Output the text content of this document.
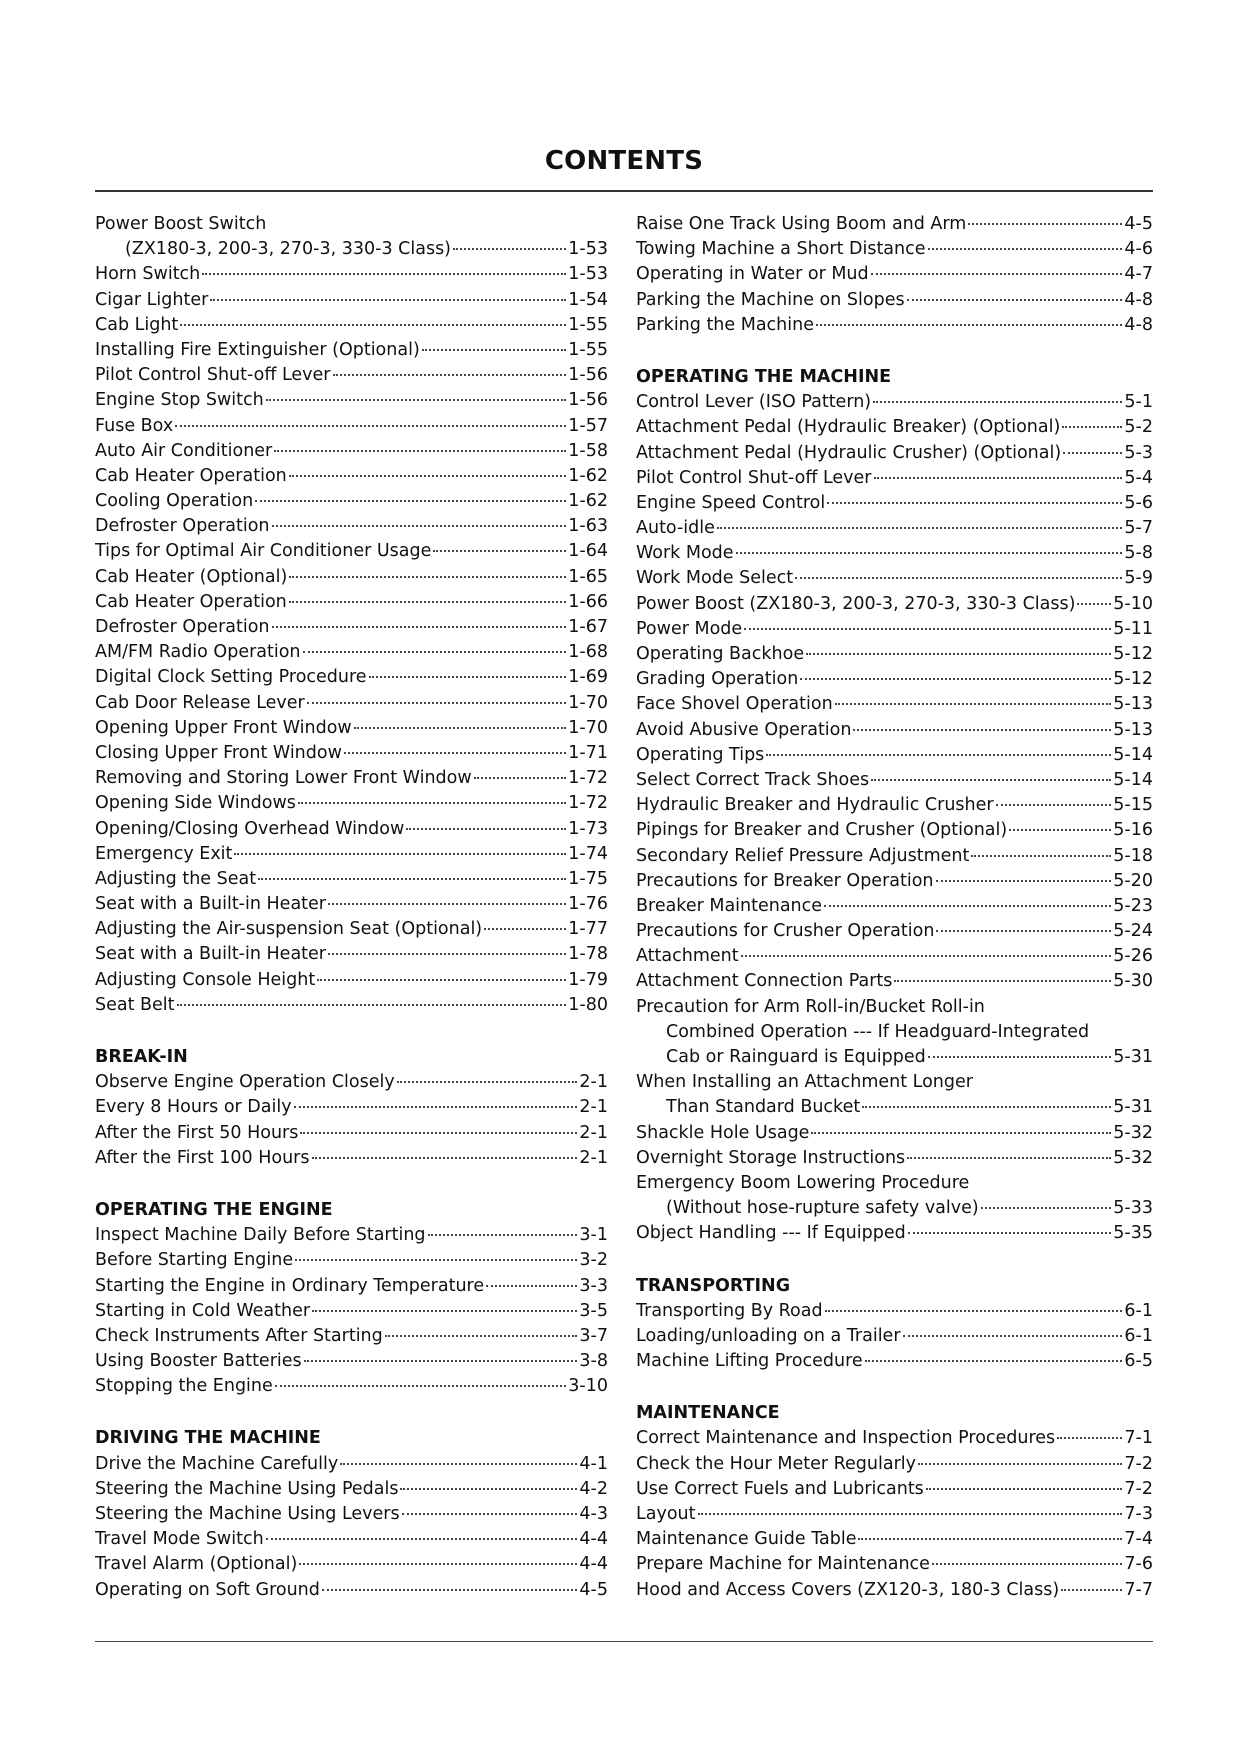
CONTENTS
Power Boost Switch
(ZX180-3, 200-3, 270-3, 330-3 Class)	1-53
Horn Switch	1-53
Cigar Lighter	1-54
Cab Light	1-55
Installing Fire Extinguisher (Optional)	1-55
Pilot Control Shut-off Lever	1-56
Engine Stop Switch	1-56
Fuse Box	1-57
Auto Air Conditioner	1-58
Cab Heater Operation	1-62
Cooling Operation	1-62
Defroster Operation	1-63
Tips for Optimal Air Conditioner Usage	1-64
Cab Heater (Optional)	1-65
Cab Heater Operation	1-66
Defroster Operation	1-67
AM/FM Radio Operation	1-68
Digital Clock Setting Procedure	1-69
Cab Door Release Lever	1-70
Opening Upper Front Window	1-70
Closing Upper Front Window	1-71
Removing and Storing Lower Front Window	1-72
Opening Side Windows	1-72
Opening/Closing Overhead Window	1-73
Emergency Exit	1-74
Adjusting the Seat	1-75
Seat with a Built-in Heater	1-76
Adjusting the Air-suspension Seat (Optional)	1-77
Seat with a Built-in Heater	1-78
Adjusting Console Height	1-79
Seat Belt	1-80
BREAK-IN
Observe Engine Operation Closely	2-1
Every 8 Hours or Daily	2-1
After the First 50 Hours	2-1
After the First 100 Hours	2-1
OPERATING THE ENGINE
Inspect Machine Daily Before Starting	3-1
Before Starting Engine	3-2
Starting the Engine in Ordinary Temperature	3-3
Starting in Cold Weather	3-5
Check Instruments After Starting	3-7
Using Booster Batteries	3-8
Stopping the Engine	3-10
DRIVING THE MACHINE
Drive the Machine Carefully	4-1
Steering the Machine Using Pedals	4-2
Steering the Machine Using Levers	4-3
Travel Mode Switch	4-4
Travel Alarm (Optional)	4-4
Operating on Soft Ground	4-5
Raise One Track Using Boom and Arm	4-5
Towing Machine a Short Distance	4-6
Operating in Water or Mud	4-7
Parking the Machine on Slopes	4-8
Parking the Machine	4-8
OPERATING THE MACHINE
Control Lever (ISO Pattern)	5-1
Attachment Pedal (Hydraulic Breaker) (Optional)	5-2
Attachment Pedal (Hydraulic Crusher) (Optional)	5-3
Pilot Control Shut-off Lever	5-4
Engine Speed Control	5-6
Auto-idle	5-7
Work Mode	5-8
Work Mode Select	5-9
Power Boost (ZX180-3, 200-3, 270-3, 330-3 Class) 5-10
Power Mode	5-11
Operating Backhoe	5-12
Grading Operation	5-12
Face Shovel Operation	5-13
Avoid Abusive Operation	5-13
Operating Tips	5-14
Select Correct Track Shoes	5-14
Hydraulic Breaker and Hydraulic Crusher	5-15
Pipings for Breaker and Crusher (Optional)	5-16
Secondary Relief Pressure Adjustment	5-18
Precautions for Breaker Operation	5-20
Breaker Maintenance	5-23
Precautions for Crusher Operation	5-24
Attachment	5-26
Attachment Connection Parts	5-30
Precaution for Arm Roll-in/Bucket Roll-in
Combined Operation --- If Headguard-Integrated
Cab or Rainguard is Equipped	5-31
When Installing an Attachment Longer
Than Standard Bucket	5-31
Shackle Hole Usage	5-32
Overnight Storage Instructions	5-32
Emergency Boom Lowering Procedure
(Without hose-rupture safety valve)	5-33
Object Handling --- If Equipped	5-35
TRANSPORTING
Transporting By Road	6-1
Loading/unloading on a Trailer	6-1
Machine Lifting Procedure	6-5
MAINTENANCE
Correct Maintenance and Inspection Procedures	7-1
Check the Hour Meter Regularly	7-2
Use Correct Fuels and Lubricants	7-2
Layout	7-3
Maintenance Guide Table	7-4
Prepare Machine for Maintenance	7-6
Hood and Access Covers (ZX120-3, 180-3 Class)	7-7
